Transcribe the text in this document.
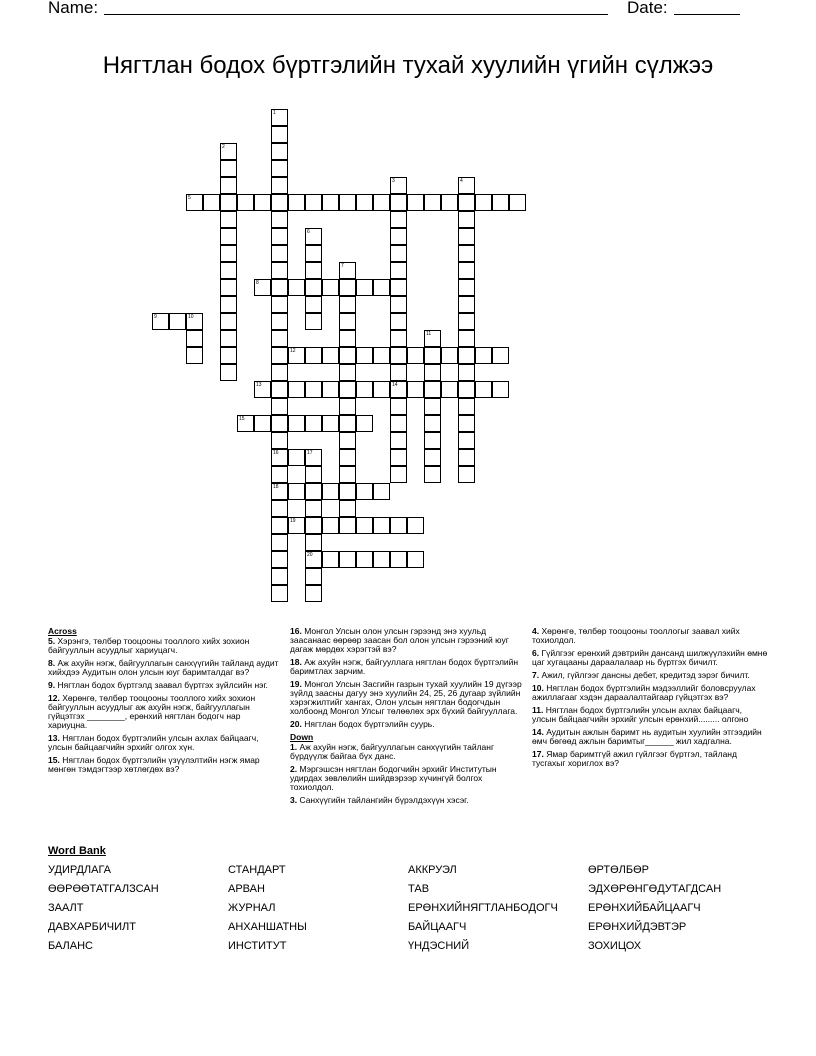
Name:	Date:
Нягтлан бодох бүртгэлийн тухай хуулийн үгийн сүлжээ
1
16
18
2
3
14
4
5
6
7
8
9	10
12
11
13
15
17
20
19
Across
5. Хэрэнгэ, төлбөр тооцооны тооллого хийх зохион байгууллын асуудлыг хариуцагч.
8. Аж ахуйн нэгж, байгууллагын санхүүгийн тайланд аудит хийхдээ Аудитын олон улсын юуг баримталдаг вэ?
9. Нягтлан бодох бүртгэлд заавал бүртгэх зүйлсийн нэг.
12. Хөрөнгө, төлбөр тооцооны тооллого хийх зохион байгууллын асуудлыг аж ахуйн нэгж, байгууллагын гүйцэтгэх ________, ерөнхий нягтлан бодогч нар хариуцна.
13. Нягтлан бодох бүртгэлийн улсын ахлах байцаагч, улсын байцаагчийн эрхийг олгох хүн.
15. Нягтлан бодох бүртгэлийн үзүүлэлтийн нэгж ямар мөнгөн тэмдэгтээр хөтлөгдөх вэ?
16. Монгол Улсын олон улсын гэрээнд энэ хуульд заасанаас өөрөөр заасан бол олон улсын гэрээний юуг дагаж мөрдөх хэрэгтэй вэ?
18. Аж ахуйн нэгж, байгууллага нягтлан бодох бүртгэлийн баримтлах зарчим.
19. Монгол Улсын Засгийн газрын тухай хуулийн 19 дүгээр зүйлд заасны дагуу энэ хуулийн 24, 25, 26 дугаар зүйлийн хэрэгжилтийг хангах, Олон улсын нягтлан бодогчдын холбоонд Монгол Улсыг төлөөлөх эрх бүхий байгууллага.
20. Нягтлан бодох бүртгэлийн суурь.
Down
1. Аж ахуйн нэгж, байгууллагын санхүүгийн тайланг бүрдүүлж байгаа бүх данс.
2. Мэргэшсэн нягтлан бодогчийн эрхийг Институтын удирдах зөвлөлийн шийдвэрээр хүчингүй болгох тохиолдол.
3. Санхүүгийн тайлангийн бүрэлдэхүүн хэсэг.
4. Хөрөнгө, төлбөр тооцооны тооллогыг заавал хийх тохиолдол.
6. Гүйлгээг ерөнхий дэвтрийн дансанд шилжүүлэхийн өмнө цаг хугацааны дараалалаар нь бүртгэх бичилт.
7. Ажил, гүйлгээг дансны дебет, кредитэд зэрэг бичилт.
10. Нягтлан бодох бүртгэлийн мэдээллийг боловсруулах ажиллагааг хэдэн дараалалтайгаар гүйцэтгэх вэ?
11. Нягтлан бодох бүртгэлийн улсын ахлах байцаагч, улсын байцаагчийн эрхийг улсын ерөнхий......... олгоно
14. Аудитын ажлын баримт нь аудитын хуулийн этгээдийн өмч бөгөөд ажлын баримтыг______ жил хадгална.
17. Ямар баримтгүй ажил гүйлгээг бүртгэл, тайланд тусгахыг хориглох вэ?
Word Bank
УДИРДЛАГА	СТАНДАРТ	АККРУЭЛ	ӨРТӨЛБӨР
ӨӨРӨӨТАТГАЛЗСАН	АРВАН	ТАВ	ЭДХӨРӨНГӨДУТАГДСАН
ЗААЛТ	ЖУРНАЛ	ЕРӨНХИЙНЯГТЛАНБОДОГЧ	ЕРӨНХИЙБАЙЦААГЧ
ДАВХАРБИЧИЛТ	АНХАНШАТНЫ	БАЙЦААГЧ	ЕРӨНХИЙДЭВТЭР
БАЛАНС	ИНСТИТУТ	ҮНДЭСНИЙ	ЗОХИЦОХ
